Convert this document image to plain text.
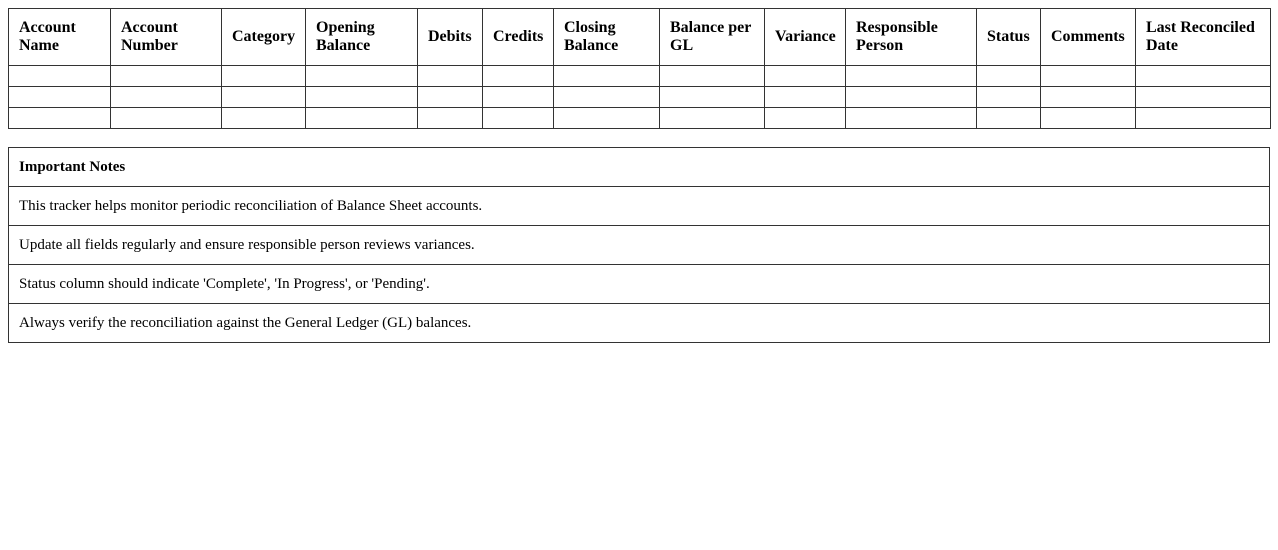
Account Name	Account Number	Category	Opening Balance	Debits	Credits	Closing Balance	Balance per GL	Variance	Responsible Person	Status	Comments	Last Reconciled Date

Important Notes
This tracker helps monitor periodic reconciliation of Balance Sheet accounts.
Update all fields regularly and ensure responsible person reviews variances.
Status column should indicate 'Complete', 'In Progress', or 'Pending'.
Always verify the reconciliation against the General Ledger (GL) balances.
